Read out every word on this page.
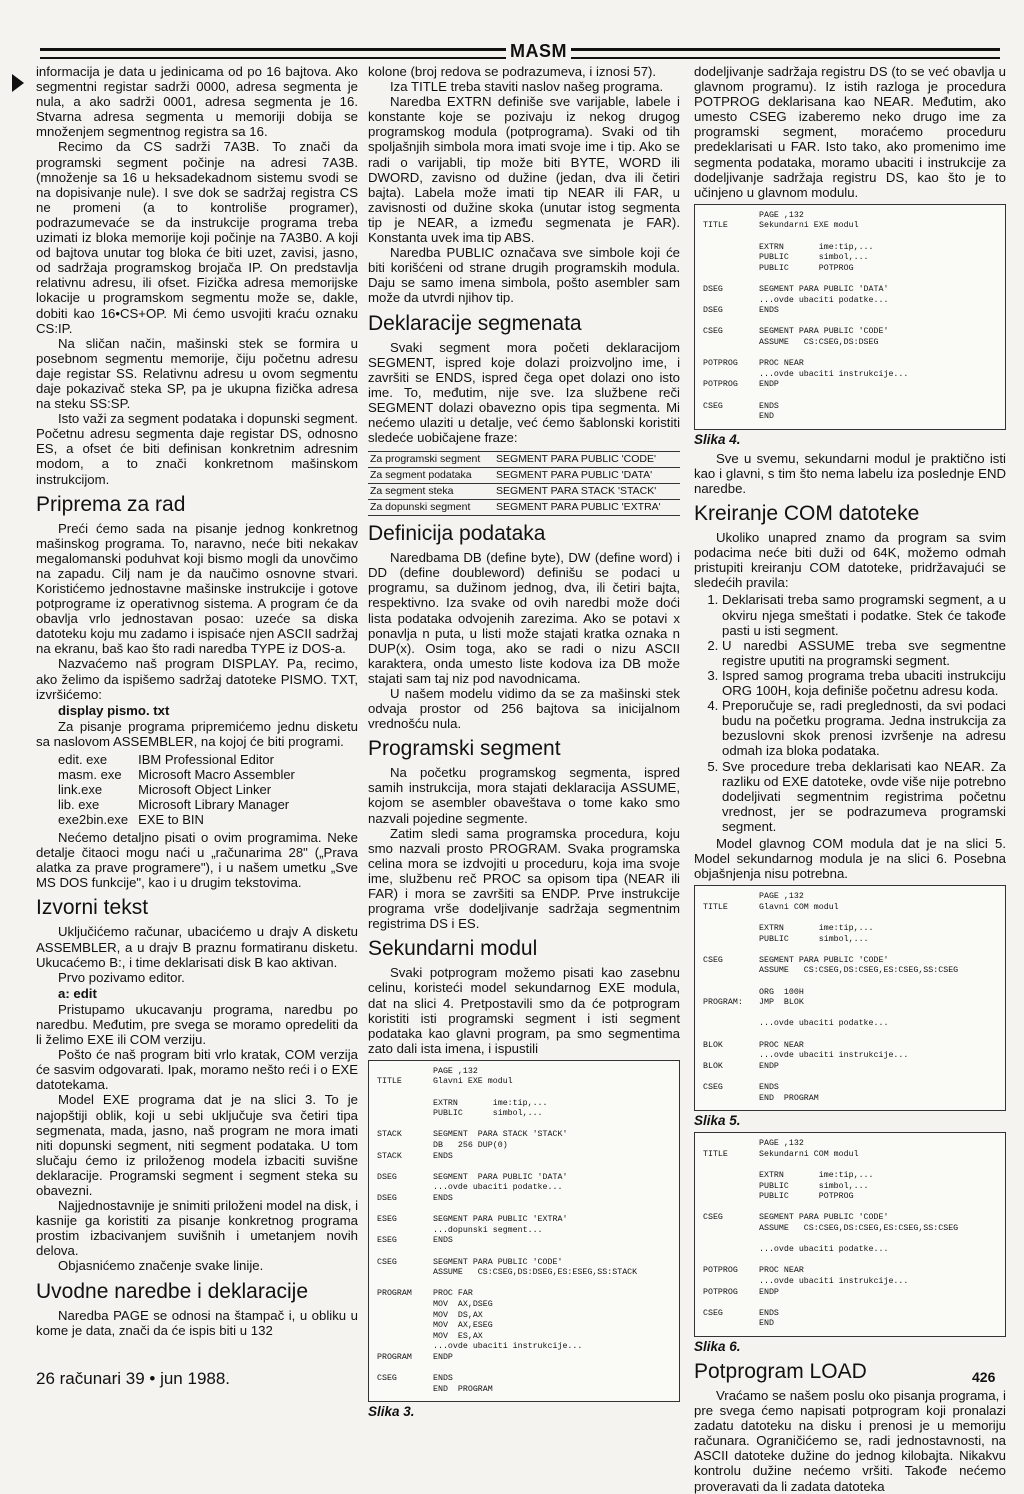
MASM

informacija je data u jedinicama od po 16 bajtova. Ako segmentni registar sadrži 0000, adresa segmenta je nula, a ako sadrži 0001, adresa segmenta je 16. Stvarna adresa segmenta u memoriji dobija se množenjem segmentnog registra sa 16.

Recimo da CS sadrži 7A3B. To znači da programski segment počinje na adresi 7A3B. (množenje sa 16 u heksadekadnom sistemu svodi se na dopisivanje nule). I sve dok se sadržaj registra CS ne promeni (a to kontroliše programer), podrazumevaće se da instrukcije programa treba uzimati iz bloka memorije koji počinje na 7A3B0. A koji od bajtova unutar tog bloka će biti uzet, zavisi, jasno, od sadržaja programskog brojača IP. On predstavlja relativnu adresu, ili ofset. Fizička adresa memorijske lokacije u programskom segmentu može se, dakle, dobiti kao 16•CS+OP. Mi ćemo usvojiti kraću oznaku CS:IP.

Na sličan način, mašinski stek se formira u posebnom segmentu memorije, čiju početnu adresu daje registar SS. Relativnu adresu u ovom segmentu daje pokazivač steka SP, pa je ukupna fizička adresa na steku SS:SP.

Isto važi za segment podataka i dopunski segment. Početnu adresu segmenta daje registar DS, odnosno ES, a ofset će biti definisan konkretnim adresnim modom, a to znači konkretnom mašinskom instrukcijom.

Priprema za rad

Preći ćemo sada na pisanje jednog konkretnog mašinskog programa. To, naravno, neće biti nekakav megalomanski poduhvat koji bismo mogli da unovčimo na zapadu. Cilj nam je da naučimo osnovne stvari. Koristićemo jednostavne mašinske instrukcije i gotove potprograme iz operativnog sistema. A program će da obavlja vrlo jednostavan posao: uzeće sa diska datoteku koju mu zadamo i ispisaće njen ASCII sadržaj na ekranu, baš kao što radi naredba TYPE iz DOS-a.

Nazvaćemo naš program DISPLAY. Pa, recimo, ako želimo da ispišemo sadržaj datoteke PISMO. TXT, izvršićemo:

display pismo. txt

Za pisanje programa pripremićemo jednu disketu sa naslovom ASSEMBLER, na kojoj će biti programi.

edit. exe	IBM Professional Editor
masm. exe	Microsoft Macro Assembler
link.exe	Microsoft Object Linker
lib. exe	Microsoft Library Manager
exe2bin.exe	EXE to BIN

Nećemo detaljno pisati o ovim programima. Neke detalje čitaoci mogu naći u „računarima 28" („Prava alatka za prave programere"), i u našem umetku „Sve MS DOS funkcije", kao i u drugim tekstovima.

Izvorni tekst

Uključićemo računar, ubacićemo u drajv A disketu ASSEMBLER, a u drajv B praznu formatiranu disketu. Ukucaćemo B:, i time deklarisati disk B kao aktivan.

Prvo pozivamo editor.

a: edit

Pristupamo ukucavanju programa, naredbu po naredbu. Međutim, pre svega se moramo opredeliti da li želimo EXE ili COM verziju.

Pošto će naš program biti vrlo kratak, COM verzija će sasvim odgovarati. Ipak, moramo nešto reći i o EXE datotekama.

Model EXE programa dat je na slici 3. To je najopštiji oblik, koji u sebi uključuje sva četiri tipa segmenata, mada, jasno, naš program ne mora imati niti dopunski segment, niti segment podataka. U tom slučaju ćemo iz priloženog modela izbaciti suvišne deklaracije. Programski segment i segment steka su obavezni.

Najjednostavnije je snimiti priloženi model na disk, i kasnije ga koristiti za pisanje konkretnog programa prostim izbacivanjem suvišnih i umetanjem novih delova.

Objasnićemo značenje svake linije.

Uvodne naredbe i deklaracije

Naredba PAGE se odnosi na štampač i, u obliku u kome je data, znači da će ispis biti u 132

kolone (broj redova se podrazumeva, i iznosi 57).

Iza TITLE treba staviti naslov našeg programa.

Naredba EXTRN definiše sve varijable, labele i konstante koje se pozivaju iz nekog drugog programskog modula (potprograma). Svaki od tih spoljašnjih simbola mora imati svoje ime i tip. Ako se radi o varijabli, tip može biti BYTE, WORD ili DWORD, zavisno od dužine (jedan, dva ili četiri bajta). Labela može imati tip NEAR ili FAR, u zavisnosti od dužine skoka (unutar istog segmenta tip je NEAR, a između segmenata je FAR). Konstanta uvek ima tip ABS.

Naredba PUBLIC označava sve simbole koji će biti korišćeni od strane drugih programskih modula. Daju se samo imena simbola, pošto asembler sam može da utvrdi njihov tip.

Deklaracije segmenata

Svaki segment mora početi deklaracijom SEGMENT, ispred koje dolazi proizvoljno ime, i završiti se ENDS, ispred čega opet dolazi ono isto ime. To, međutim, nije sve. Iza službene reči SEGMENT dolazi obavezno opis tipa segmenta. Mi nećemo ulaziti u detalje, već ćemo šablonski koristiti sledeće uobičajene fraze:

Za programski segment	SEGMENT PARA PUBLIC 'CODE'
Za segment podataka	SEGMENT PARA PUBLIC 'DATA'
Za segment steka	SEGMENT PARA STACK 'STACK'
Za dopunski segment	SEGMENT PARA PUBLIC 'EXTRA'
Definicija podataka

Naredbama DB (define byte), DW (define word) i DD (define doubleword) definišu se podaci u programu, sa dužinom jednog, dva, ili četiri bajta, respektivno. Iza svake od ovih naredbi može doći lista podataka odvojenih zarezima. Ako se potavi x ponavlja n puta, u listi može stajati kratka oznaka n DUP(x). Osim toga, ako se radi o nizu ASCII karaktera, onda umesto liste kodova iza DB može stajati sam taj niz pod navodnicama.

U našem modelu vidimo da se za mašinski stek odvaja prostor od 256 bajtova sa inicijalnom vrednošću nula.

Programski segment

Na početku programskog segmenta, ispred samih instrukcija, mora stajati deklaracija ASSUME, kojom se asembler obaveštava o tome kako smo nazvali pojedine segmente.

Zatim sledi sama programska procedura, koju smo nazvali prosto PROGRAM. Svaka programska celina mora se izdvojiti u proceduru, koja ima svoje ime, službenu reč PROC sa opisom tipa (NEAR ili FAR) i mora se završiti sa ENDP. Prve instrukcije programa vrše dodeljivanje sadržaja segmentnim registrima DS i ES.

Sekundarni modul

Svaki potprogram možemo pisati kao zasebnu celinu, koristeći model sekundarnog EXE modula, dat na slici 4. Pretpostavili smo da će potprogram koristiti isti programski segment i isti segment podataka kao glavni program, pa smo segmentima zato dali ista imena, i ispustili

PAGE ,132
TITLE	Glavni EXE modul

EXTRN       ime:tip,...
PUBLIC      simbol,...

STACK	SEGMENT  PARA STACK 'STACK'
DB   256 DUP(0)
STACK	ENDS

DSEG	SEGMENT  PARA PUBLIC 'DATA'
...ovde ubaciti podatke...
DSEG	ENDS

ESEG	SEGMENT PARA PUBLIC 'EXTRA'
...dopunski segment...
ESEG	ENDS

CSEG	SEGMENT PARA PUBLIC 'CODE'
ASSUME   CS:CSEG,DS:DSEG,ES:ESEG,SS:STACK

PROGRAM	PROC FAR
MOV  AX,DSEG
MOV  DS,AX
MOV  AX,ESEG
MOV  ES,AX
...ovde ubaciti instrukcije...
PROGRAM	ENDP

CSEG	ENDS
END  PROGRAM
Slika 3.

dodeljivanje sadržaja registru DS (to se već obavlja u glavnom programu). Iz istih razloga je procedura POTPROG deklarisana kao NEAR. Međutim, ako umesto CSEG izaberemo neko drugo ime za programski segment, moraćemo proceduru predeklarisati u FAR. Isto tako, ako promenimo ime segmenta podataka, moramo ubaciti i instrukcije za dodeljivanje sadržaja registru DS, kao što je to učinjeno u glavnom modulu.

PAGE ,132
TITLE	Sekundarni EXE modul

EXTRN       ime:tip,...
PUBLIC      simbol,...
PUBLIC      POTPROG

DSEG	SEGMENT PARA PUBLIC 'DATA'
...ovde ubaciti podatke...
DSEG	ENDS

CSEG	SEGMENT PARA PUBLIC 'CODE'
ASSUME   CS:CSEG,DS:DSEG

POTPROG	PROC NEAR
...ovde ubaciti instrukcije...
POTPROG	ENDP

CSEG	ENDS
END
Slika 4.

Sve u svemu, sekundarni modul je praktično isti kao i glavni, s tim što nema labelu iza poslednje END naredbe.

Kreiranje COM datoteke

Ukoliko unapred znamo da program sa svim podacima neće biti duži od 64K, možemo odmah pristupiti kreiranju COM datoteke, pridržavajući se sledećih pravila:

1. Deklarisati treba samo programski segment, a u okviru njega smeštati i podatke. Stek će takođe pasti u isti segment.
2. U naredbi ASSUME treba sve segmentne registre uputiti na programski segment.
3. Ispred samog programa treba ubaciti instrukciju ORG 100H, koja definiše početnu adresu koda.
4. Preporučuje se, radi preglednosti, da svi podaci budu na početku programa. Jedna instrukcija za bezuslovni skok prenosi izvršenje na adresu odmah iza bloka podataka.
5. Sve procedure treba deklarisati kao NEAR. Za razliku od EXE datoteke, ovde više nije potrebno dodeljivati segmentnim registrima početnu vrednost, jer se podrazumeva programski segment.

Model glavnog COM modula dat je na slici 5. Model sekundarnog modula je na slici 6. Posebna objašnjenja nisu potrebna.

PAGE ,132
TITLE	Glavni COM modul

EXTRN       ime:tip,...
PUBLIC      simbol,...

CSEG	SEGMENT PARA PUBLIC 'CODE'
ASSUME   CS:CSEG,DS:CSEG,ES:CSEG,SS:CSEG

ORG  100H
PROGRAM:	JMP  BLOK

...ovde ubaciti podatke...

BLOK	PROC NEAR
...ovde ubaciti instrukcije...
BLOK	ENDP

CSEG	ENDS
END  PROGRAM
Slika 5.
PAGE ,132
TITLE	Sekundarni COM modul

EXTRN       ime:tip,...
PUBLIC      simbol,...
PUBLIC      POTPROG

CSEG	SEGMENT PARA PUBLIC 'CODE'
ASSUME   CS:CSEG,DS:CSEG,ES:CSEG,SS:CSEG

...ovde ubaciti podatke...

POTPROG	PROC NEAR
...ovde ubaciti instrukcije...
POTPROG	ENDP

CSEG	ENDS
END
Slika 6.
Potprogram LOAD

Vraćamo se našem poslu oko pisanja programa, i pre svega ćemo napisati potprogram koji pronalazi zadatu datoteku na disku i prenosi je u memoriju računara. Ograničićemo se, radi jednostavnosti, na ASCII datoteke dužine do jednog kilobajta. Nikakvu kontrolu dužine nećemo vršiti. Takođe nećemo proveravati da li zadata datoteka

26 računari 39 • jun 1988.	426
